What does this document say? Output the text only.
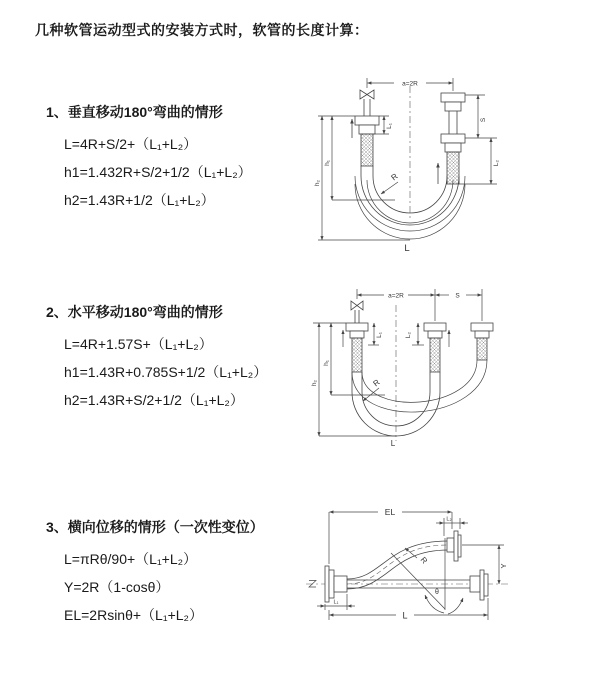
几种软管运动型式的安装方式时，软管的长度计算：
1、垂直移动180°弯曲的情形
L=4R+S/2+（L₁+L₂）
h1=1.432R+S/2+1/2（L₁+L₂）
h2=1.43R+1/2（L₁+L₂）
2、水平移动180°弯曲的情形
L=4R+1.57S+（L₁+L₂）
h1=1.43R+0.785S+1/2（L₁+L₂）
h2=1.43R+S/2+1/2（L₁+L₂）
3、横向位移的情形（一次性变位）
L=πRθ/90+（L₁+L₂）
Y=2R（1-cosθ）
EL=2Rsinθ+（L₁+L₂）
a=2R
S
L₂
L₁
h₁
h₂
R
L
a=2R	S
L₁	L₂
h₁
h₂	R
L
EL
L₂
Y
θ
R
L₁
L
